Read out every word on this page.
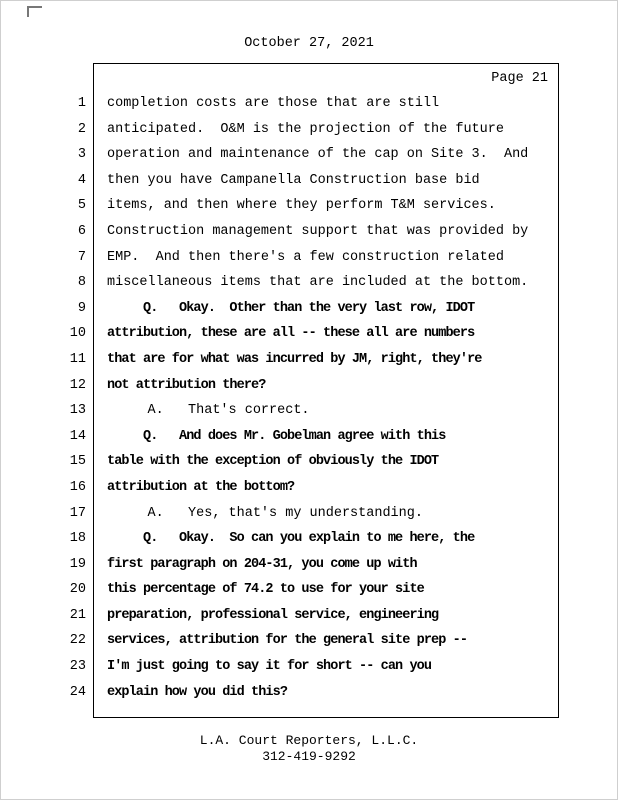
October 27, 2021
Page 21
1 completion costs are those that are still
2 anticipated.  O&M is the projection of the future
3 operation and maintenance of the cap on Site 3.  And
4 then you have Campanella Construction base bid
5 items, and then where they perform T&M services.
6 Construction management support that was provided by
7 EMP.  And then there's a few construction related
8 miscellaneous items that are included at the bottom.
9 Q.   Okay.  Other than the very last row, IDOT
10 attribution, these are all -- these all are numbers
11 that are for what was incurred by JM, right, they're
12 not attribution there?
13 A.   That's correct.
14 Q.   And does Mr. Gobelman agree with this
15 table with the exception of obviously the IDOT
16 attribution at the bottom?
17 A.   Yes, that's my understanding.
18 Q.   Okay.  So can you explain to me here, the
19 first paragraph on 204-31, you come up with
20 this percentage of 74.2 to use for your site
21 preparation, professional service, engineering
22 services, attribution for the general site prep --
23 I'm just going to say it for short -- can you
24 explain how you did this?
L.A. Court Reporters, L.L.C.
312-419-9292
